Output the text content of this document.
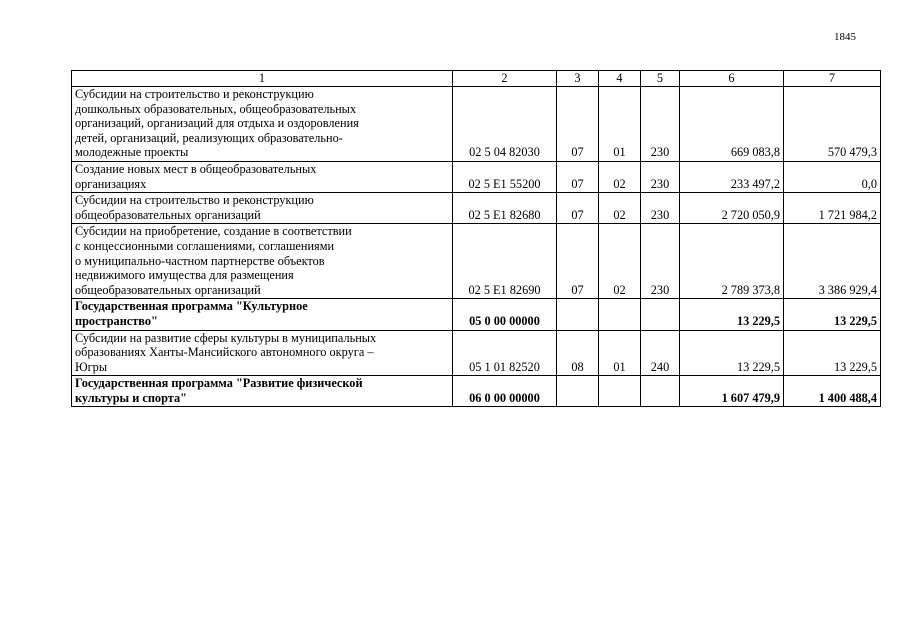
1845
1	2	3	4	5	6	7

Субсидии на строительство и реконструкцию
дошкольных образовательных, общеобразовательных
организаций, организаций для отдыха и оздоровления
детей, организаций, реализующих образовательно-
молодежные проекты	02 5 04 82030	07	01	230	669 083,8	570 479,3

Создание новых мест в общеобразовательных
организациях	02 5 E1 55200	07	02	230	233 497,2	0,0

Субсидии на строительство и реконструкцию
общеобразовательных организаций	02 5 E1 82680	07	02	230	2 720 050,9	1 721 984,2

Субсидии на приобретение, создание в соответствии
с концессионными соглашениями, соглашениями
о муниципально-частном партнерстве объектов
недвижимого имущества для размещения
общеобразовательных организаций	02 5 E1 82690	07	02	230	2 789 373,8	3 386 929,4

Государственная программа "Культурное
пространство"	05 0 00 00000				13 229,5	13 229,5

Субсидии на развитие сферы культуры в муниципальных
образованиях Ханты-Мансийского автономного округа –
Югры	05 1 01 82520	08	01	240	13 229,5	13 229,5

Государственная программа "Развитие физической
культуры и спорта"	06 0 00 00000				1 607 479,9	1 400 488,4
